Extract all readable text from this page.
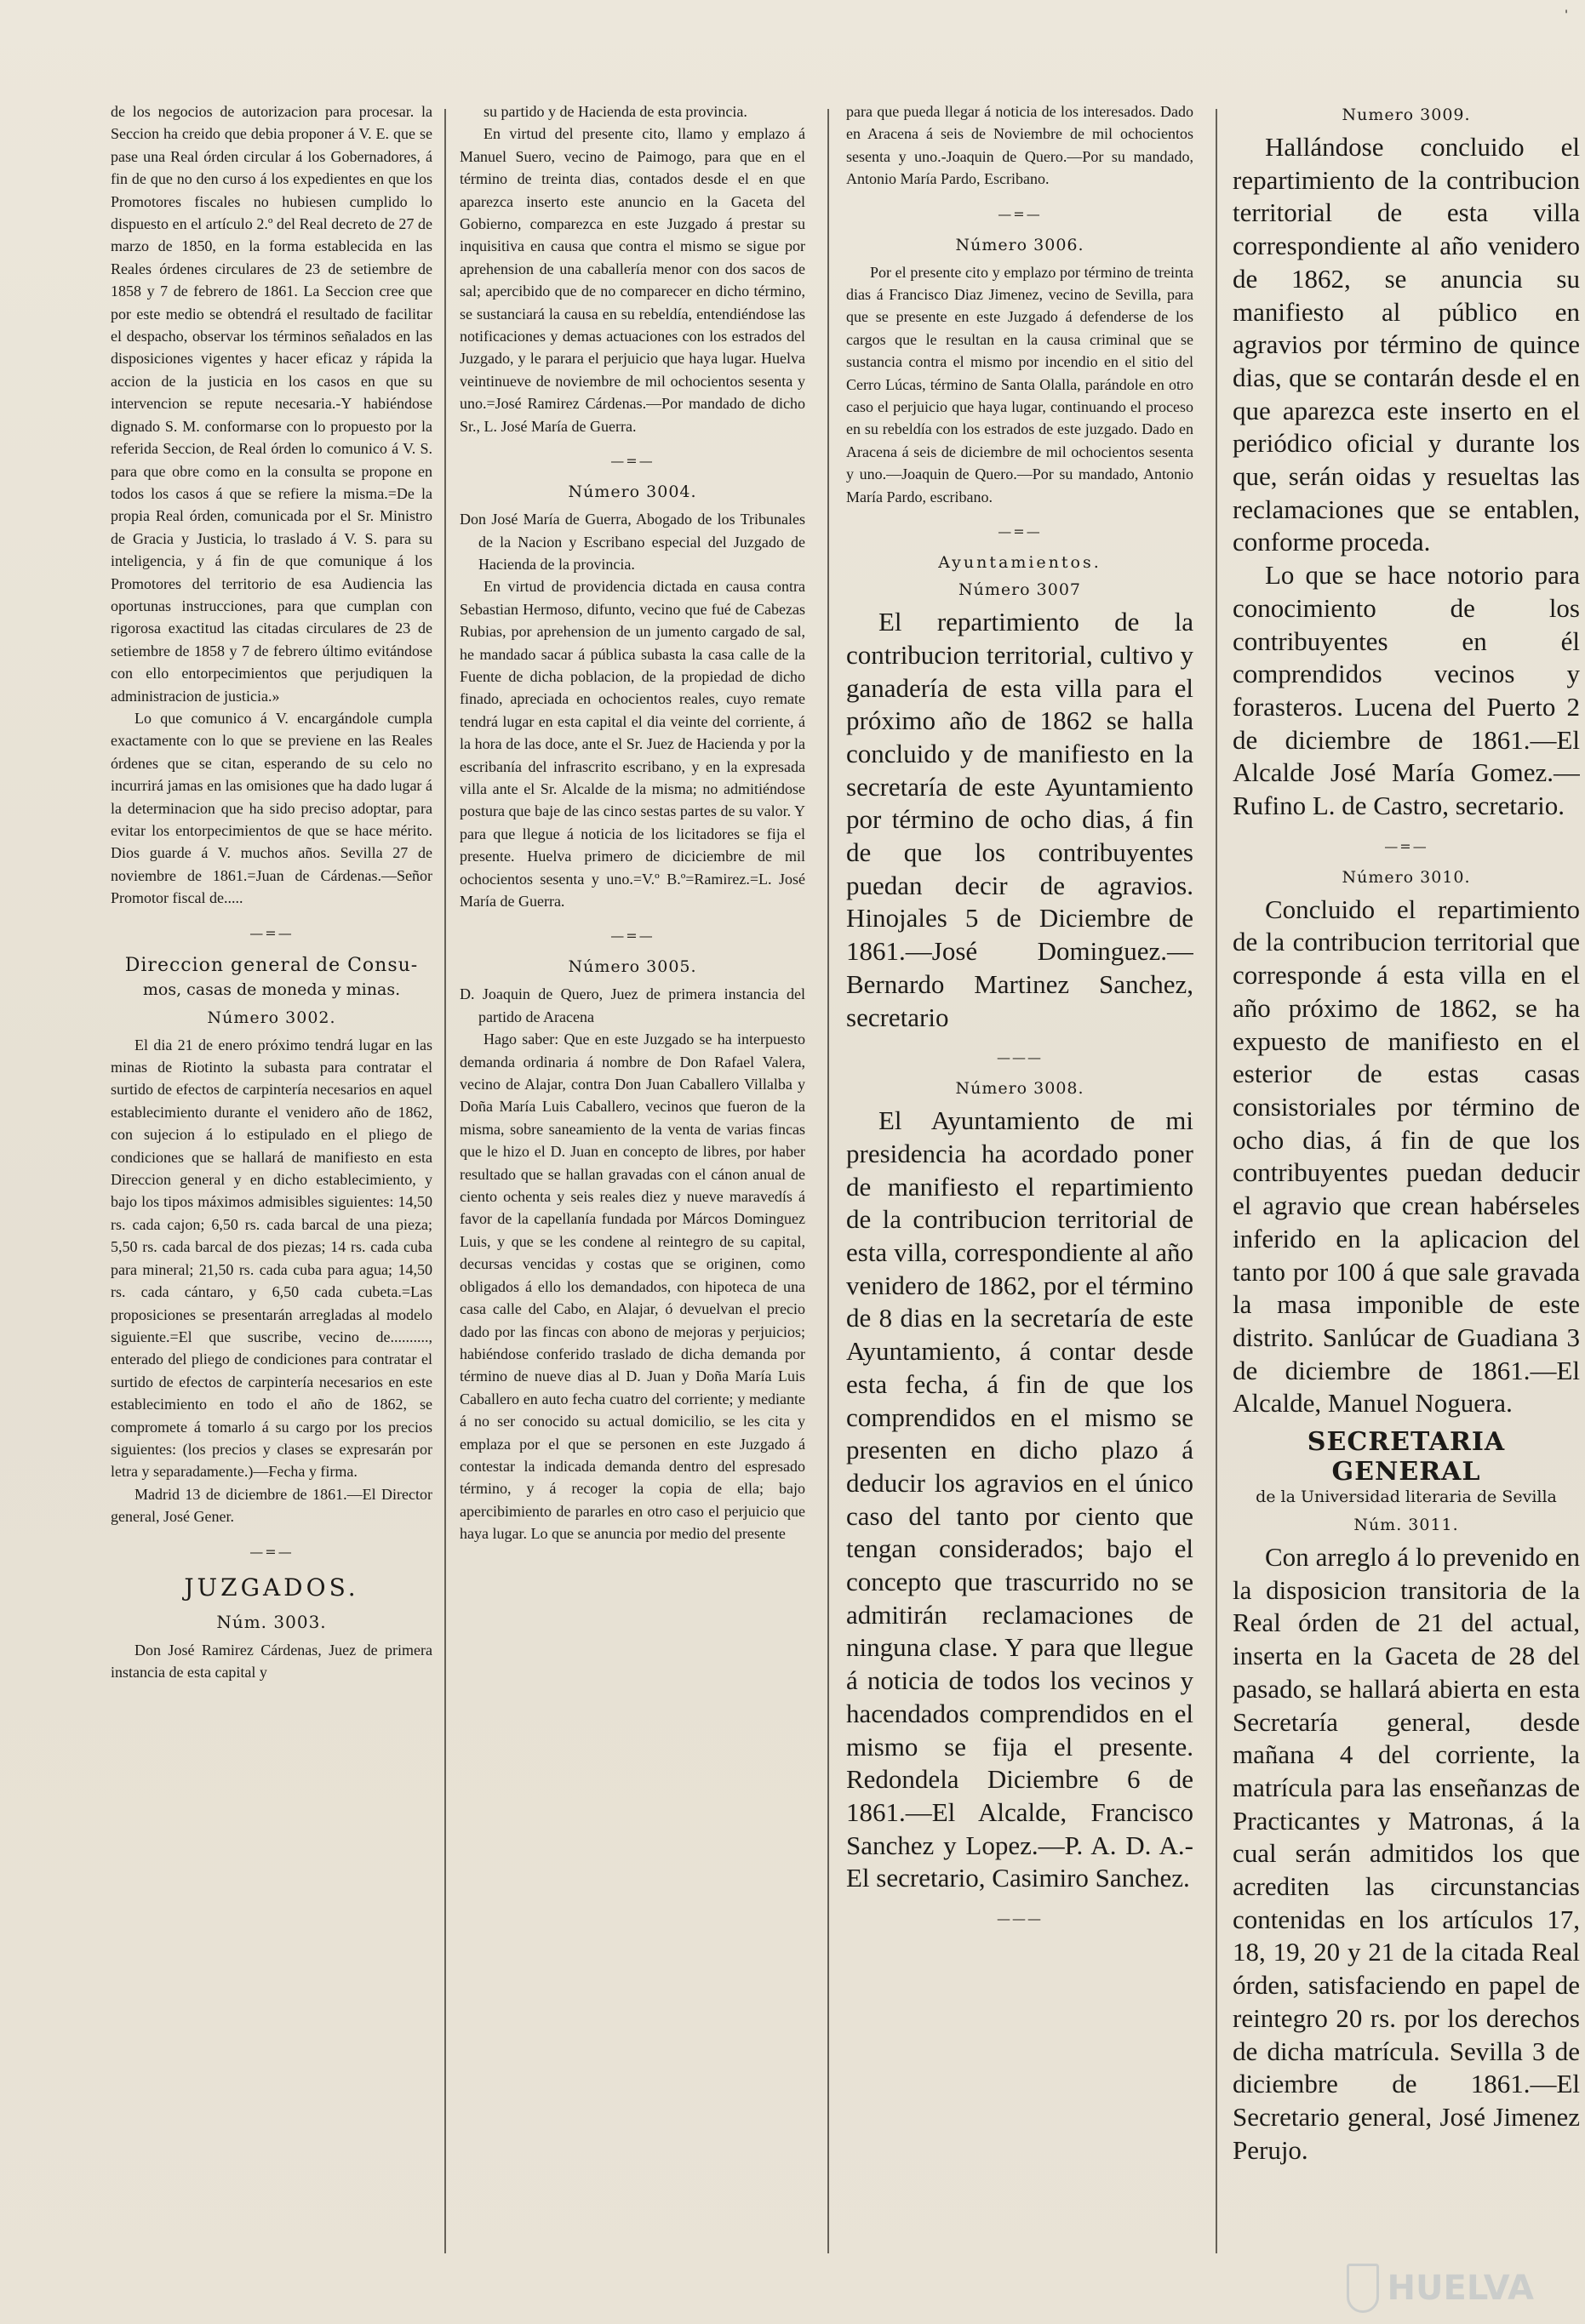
'

de los negocios de autorizacion para procesar. la Seccion ha creido que debia proponer á V. E. que se pase una Real órden circular á los Gobernadores, á fin de que no den curso á los expedientes en que los Promotores fiscales no hubiesen cumplido lo dispuesto en el artículo 2.º del Real decreto de 27 de marzo de 1850, en la forma establecida en las Reales órdenes circulares de 23 de setiembre de 1858 y 7 de febrero de 1861. La Seccion cree que por este medio se obtendrá el resultado de facilitar el despacho, observar los términos señalados en las disposiciones vigentes y hacer eficaz y rápida la accion de la justicia en los casos en que su intervencion se repute necesaria.-Y habiéndose dignado S. M. conformarse con lo propuesto por la referida Seccion, de Real órden lo comunico á V. S. para que obre como en la consulta se propone en todos los casos á que se refiere la misma.=De la propia Real órden, comunicada por el Sr. Ministro de Gracia y Justicia, lo traslado á V. S. para su inteligencia, y á fin de que comunique á los Promotores del territorio de esa Audiencia las oportunas instrucciones, para que cumplan con rigorosa exactitud las citadas circulares de 23 de setiembre de 1858 y 7 de febrero último evitándose con ello entorpecimientos que perjudiquen la administracion de justicia.»

Lo que comunico á V. encargándole cumpla exactamente con lo que se previene en las Reales órdenes que se citan, esperando de su celo no incurrirá jamas en las omisiones que ha dado lugar á la determinacion que ha sido preciso adoptar, para evitar los entorpecimientos de que se hace mérito. Dios guarde á V. muchos años. Sevilla 27 de noviembre de 1861.=Juan de Cárdenas.—Señor Promotor fiscal de.....

—=—
Direccion general de Consu-
mos, casas de moneda y minas.
Número 3002.

El dia 21 de enero próximo tendrá lugar en las minas de Riotinto la subasta para contratar el surtido de efectos de carpintería necesarios en aquel establecimiento durante el venidero año de 1862, con sujecion á lo estipulado en el pliego de condiciones que se hallará de manifiesto en esta Direccion general y en dicho establecimiento, y bajo los tipos máximos admisibles siguientes: 14,50 rs. cada cajon; 6,50 rs. cada barcal de una pieza; 5,50 rs. cada barcal de dos piezas; 14 rs. cada cuba para mineral; 21,50 rs. cada cuba para agua; 14,50 rs. cada cántaro, y 6,50 cada cubeta.=Las proposiciones se presentarán arregladas al modelo siguiente.=El que suscribe, vecino de.........., enterado del pliego de condiciones para contratar el surtido de efectos de carpintería necesarios en este establecimiento en todo el año de 1862, se compromete á tomarlo á su cargo por los precios siguientes: (los precios y clases se expresarán por letra y separadamente.)—Fecha y firma.

Madrid 13 de diciembre de 1861.—El Director general, José Gener.

—=—
JUZGADOS.
Núm. 3003.

Don José Ramirez Cárdenas, Juez de primera instancia de esta capital y

su partido y de Hacienda de esta provincia.

En virtud del presente cito, llamo y emplazo á Manuel Suero, vecino de Paimogo, para que en el término de treinta dias, contados desde el en que aparezca inserto este anuncio en la Gaceta del Gobierno, comparezca en este Juzgado á prestar su inquisitiva en causa que contra el mismo se sigue por aprehension de una caballería menor con dos sacos de sal; apercibido que de no comparecer en dicho término, se sustanciará la causa en su rebeldía, entendiéndose las notificaciones y demas actuaciones con los estrados del Juzgado, y le parara el perjuicio que haya lugar. Huelva veintinueve de noviembre de mil ochocientos sesenta y uno.=José Ramirez Cárdenas.—Por mandado de dicho Sr., L. José María de Guerra.

—=—
Número 3004.

Don José María de Guerra, Abogado de los Tribunales de la Nacion y Escribano especial del Juzgado de Hacienda de la provincia.

En virtud de providencia dictada en causa contra Sebastian Hermoso, difunto, vecino que fué de Cabezas Rubias, por aprehension de un jumento cargado de sal, he mandado sacar á pública subasta la casa calle de la Fuente de dicha poblacion, de la propiedad de dicho finado, apreciada en ochocientos reales, cuyo remate tendrá lugar en esta capital el dia veinte del corriente, á la hora de las doce, ante el Sr. Juez de Hacienda y por la escribanía del infrascrito escribano, y en la expresada villa ante el Sr. Alcalde de la misma; no admitiéndose postura que baje de las cinco sestas partes de su valor. Y para que llegue á noticia de los licitadores se fija el presente. Huelva primero de diciciembre de mil ochocientos sesenta y uno.=V.º B.º=Ramirez.=L. José María de Guerra.

—=—
Número 3005.

D. Joaquin de Quero, Juez de primera instancia del partido de Aracena

Hago saber: Que en este Juzgado se ha interpuesto demanda ordinaria á nombre de Don Rafael Valera, vecino de Alajar, contra Don Juan Caballero Villalba y Doña María Luis Caballero, vecinos que fueron de la misma, sobre saneamiento de la venta de varias fincas que le hizo el D. Juan en concepto de libres, por haber resultado que se hallan gravadas con el cánon anual de ciento ochenta y seis reales diez y nueve maravedís á favor de la capellanía fundada por Márcos Dominguez Luis, y que se les condene al reintegro de su capital, decursas vencidas y costas que se originen, como obligados á ello los demandados, con hipoteca de una casa calle del Cabo, en Alajar, ó devuelvan el precio dado por las fincas con abono de mejoras y perjuicios; habiéndose conferido traslado de dicha demanda por término de nueve dias al D. Juan y Doña María Luis Caballero en auto fecha cuatro del corriente; y mediante á no ser conocido su actual domicilio, se les cita y emplaza por el que se personen en este Juzgado á contestar la indicada demanda dentro del espresado término, y á recoger la copia de ella; bajo apercibimiento de pararles en otro caso el perjuicio que haya lugar. Lo que se anuncia por medio del presente

para que pueda llegar á noticia de los interesados. Dado en Aracena á seis de Noviembre de mil ochocientos sesenta y uno.-Joaquin de Quero.—Por su mandado, Antonio María Pardo, Escribano.

—=—
Número 3006.

Por el presente cito y emplazo por término de treinta dias á Francisco Diaz Jimenez, vecino de Sevilla, para que se presente en este Juzgado á defenderse de los cargos que le resultan en la causa criminal que se sustancia contra el mismo por incendio en el sitio del Cerro Lúcas, término de Santa Olalla, parándole en otro caso el perjuicio que haya lugar, continuando el proceso en su rebeldía con los estrados de este juzgado. Dado en Aracena á seis de diciembre de mil ochocientos sesenta y uno.—Joaquin de Quero.—Por su mandado, Antonio María Pardo, escribano.

—=—
Ayuntamientos.
Número 3007

El repartimiento de la contribucion territorial, cultivo y ganadería de esta villa para el próximo año de 1862 se halla concluido y de manifiesto en la secretaría de este Ayuntamiento por término de ocho dias, á fin de que los contribuyentes puedan decir de agravios. Hinojales 5 de Diciembre de 1861.—José Dominguez.—Bernardo Martinez Sanchez, secretario

———
Número 3008.

El Ayuntamiento de mi presidencia ha acordado poner de manifiesto el repartimiento de la contribucion territorial de esta villa, correspondiente al año venidero de 1862, por el término de 8 dias en la secretaría de este Ayuntamiento, á contar desde esta fecha, á fin de que los comprendidos en el mismo se presenten en dicho plazo á deducir los agravios en el único caso del tanto por ciento que tengan considerados; bajo el concepto que trascurrido no se admitirán reclamaciones de ninguna clase. Y para que llegue á noticia de todos los vecinos y hacendados comprendidos en el mismo se fija el presente. Redondela Diciembre 6 de 1861.—El Alcalde, Francisco Sanchez y Lopez.—P. A. D. A.-El secretario, Casimiro Sanchez.

———
Numero 3009.

Hallándose concluido el repartimiento de la contribucion territorial de esta villa correspondiente al año venidero de 1862, se anuncia su manifiesto al público en agravios por término de quince dias, que se contarán desde el en que aparezca este inserto en el periódico oficial y durante los que, serán oidas y resueltas las reclamaciones que se entablen, conforme proceda.

Lo que se hace notorio para conocimiento de los contribuyentes en él comprendidos vecinos y forasteros. Lucena del Puerto 2 de diciembre de 1861.—El Alcalde José María Gomez.—Rufino L. de Castro, secretario.

—=—
Número 3010.

Concluido el repartimiento de la contribucion territorial que corresponde á esta villa en el año próximo de 1862, se ha expuesto de manifiesto en el esterior de estas casas consistoriales por término de ocho dias, á fin de que los contribuyentes puedan deducir el agravio que crean habérseles inferido en la aplicacion del tanto por 100 á que sale gravada la masa imponible de este distrito. Sanlúcar de Guadiana 3 de diciembre de 1861.—El Alcalde, Manuel Noguera.

SECRETARIA GENERAL
de la Universidad literaria de Sevilla
Núm. 3011.

Con arreglo á lo prevenido en la disposicion transitoria de la Real órden de 21 del actual, inserta en la Gaceta de 28 del pasado, se hallará abierta en esta Secretaría general, desde mañana 4 del corriente, la matrícula para las enseñanzas de Practicantes y Matronas, á la cual serán admitidos los que acrediten las circunstancias contenidas en los artículos 17, 18, 19, 20 y 21 de la citada Real órden, satisfaciendo en papel de reintegro 20 rs. por los derechos de dicha matrícula. Sevilla 3 de diciembre de 1861.—El Secretario general, José Jimenez Perujo.

HUELVA
